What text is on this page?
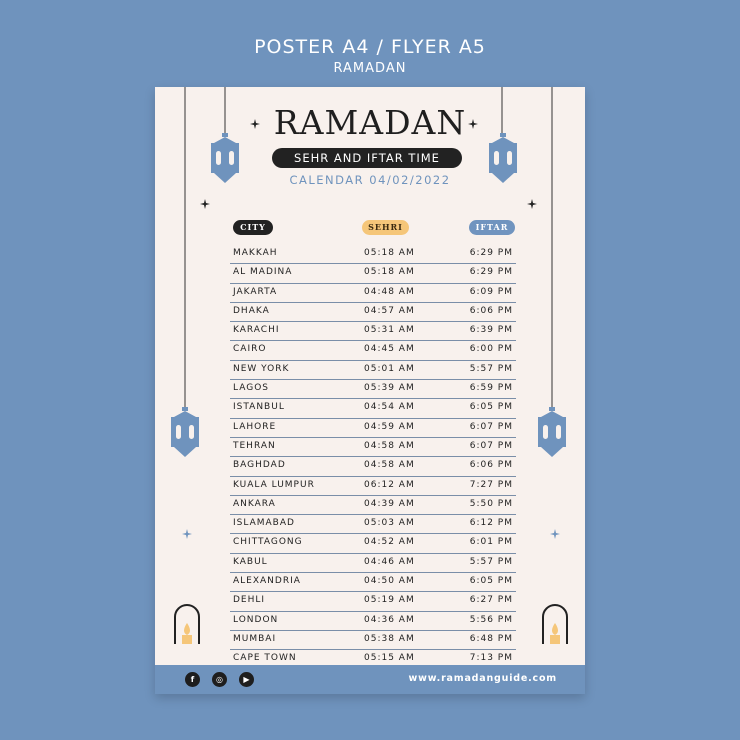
POSTER A4 / FLYER A5
RAMADAN
RAMADAN
SEHR AND IFTAR TIME
CALENDAR 04/02/2022
CITY	SEHRI	IFTAR
MAKKAH	05:18 AM	6:29 PM
AL MADINA	05:18 AM	6:29 PM
JAKARTA	04:48 AM	6:09 PM
DHAKA	04:57 AM	6:06 PM
KARACHI	05:31 AM	6:39 PM
CAIRO	04:45 AM	6:00 PM
NEW YORK	05:01 AM	5:57 PM
LAGOS	05:39 AM	6:59 PM
ISTANBUL	04:54 AM	6:05 PM
LAHORE	04:59 AM	6:07 PM
TEHRAN	04:58 AM	6:07 PM
BAGHDAD	04:58 AM	6:06 PM
KUALA LUMPUR	06:12 AM	7:27 PM
ANKARA	04:39 AM	5:50 PM
ISLAMABAD	05:03 AM	6:12 PM
CHITTAGONG	04:52 AM	6:01 PM
KABUL	04:46 AM	5:57 PM
ALEXANDRIA	04:50 AM	6:05 PM
DEHLI	05:19 AM	6:27 PM
LONDON	04:36 AM	5:56 PM
MUMBAI	05:38 AM	6:48 PM
CAPE TOWN	05:15 AM	7:13 PM
f	◎	▶	www.ramadanguide.com
